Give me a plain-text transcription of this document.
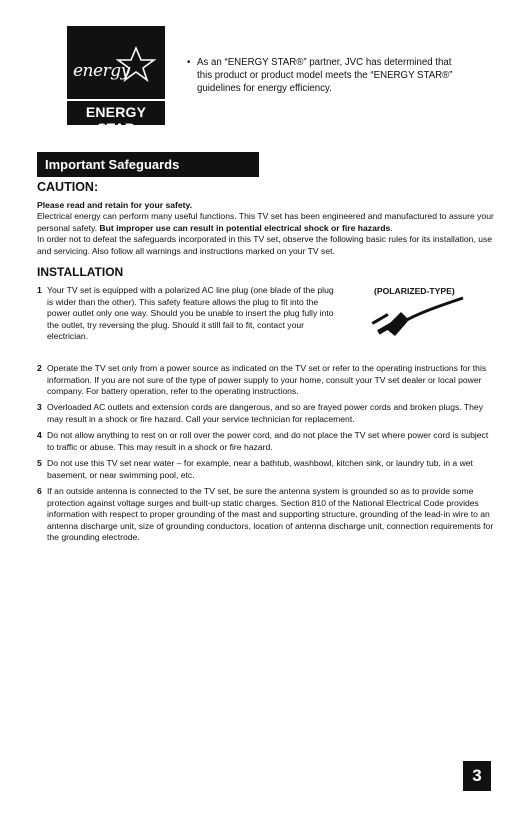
energy
ENERGY STAR
• As an “ENERGY STAR®” partner, JVC has determined that this product or product model meets the “ENERGY STAR®” guidelines for energy efficiency.
Important Safeguards
CAUTION:
Please read and retain for your safety.
Electrical energy can perform many useful functions. This TV set has been engineered and manufactured to assure your personal safety. But improper use can result in potential electrical shock or fire hazards.
In order not to defeat the safeguards incorporated in this TV set, observe the following basic rules for its installation, use and servicing. Also follow all warnings and instructions marked on your TV set.
INSTALLATION
1 Your TV set is equipped with a polarized AC line plug (one blade of the plug is wider than the other). This safety feature allows the plug to fit into the power outlet only one way. Should you be unable to insert the plug fully into the outlet, try reversing the plug. Should it still fail to fit, contact your electrician.
(POLARIZED-TYPE)
2 Operate the TV set only from a power source as indicated on the TV set or refer to the operating instructions for this information. If you are not sure of the type of power supply to your home, consult your TV set dealer or local power company. For battery operation, refer to the operating instructions.
3 Overloaded AC outlets and extension cords are dangerous, and so are frayed power cords and broken plugs. They may result in a shock or fire hazard. Call your service technician for replacement.
4 Do not allow anything to rest on or roll over the power cord, and do not place the TV set where power cord is subject to traffic or abuse. This may result in a shock or fire hazard.
5 Do not use this TV set near water – for example, near a bathtub, washbowl, kitchen sink, or laundry tub, in a wet basement, or near swimming pool, etc.
6 If an outside antenna is connected to the TV set, be sure the antenna system is grounded so as to provide some protection against voltage surges and built-up static charges. Section 810 of the National Electrical Code provides information with respect to proper grounding of the mast and supporting structure, grounding of the lead-in wire to an antenna discharge unit, size of grounding conductors, location of antenna discharge unit, connection requirements for the grounding electrode.
3
